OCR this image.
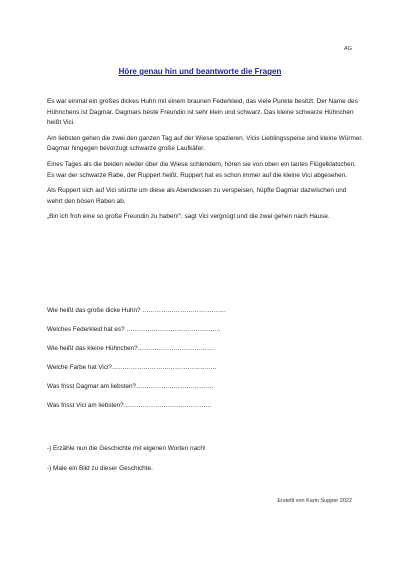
AG
Höre genau hin und beantworte die Fragen

Es war einmal ein großes dickes Huhn mit einem braunen Federkleid, das viele Punkte besitzt. Der Name des Hühnchens ist Dagmar. Dagmars beste Freundin ist sehr klein und schwarz. Das kleine schwarze Hühnchen heißt Vici.

Am liebsten gehen die zwei den ganzen Tag auf der Wiese spazieren. Vicis Lieblingsspeise sind kleine Würmer. Dagmar hingegen bevorzugt schwarze große Laufkäfer.

Eines Tages als die beiden wieder über die Wiese schlendern, hören sie von oben ein lautes Flügelklatschen. Es war der schwarze Rabe, der Ruppert heißt. Ruppert hat es schon immer auf die kleine Vici abgesehen.

Als Ruppert sich auf Vici stürzte um diese als Abendessen zu verspeisen, hüpfte Dagmar dazwischen und wehrt den bösen Raben ab.

„Bin ich froh eine so große Freundin zu haben!“, sagt Vici vergnügt und die zwei gehen nach Hause.

Wie heißt das große dicke Huhn? ………………………………….
Welches Federkleid hat es? ………………………………………
Wie heißt das kleine Hühnchen?……………………………….
Welche Farbe hat Vici?…………………………………………..
Was frisst Dagmar am liebsten?……………………………….
Was frisst Vici am liebsten?……………………………………
-) Erzähle nun die Geschichte mit eigenen Worten nach!
-) Male ein Bild zu dieser Geschichte.
Erstellt von Karin Supper 2022
